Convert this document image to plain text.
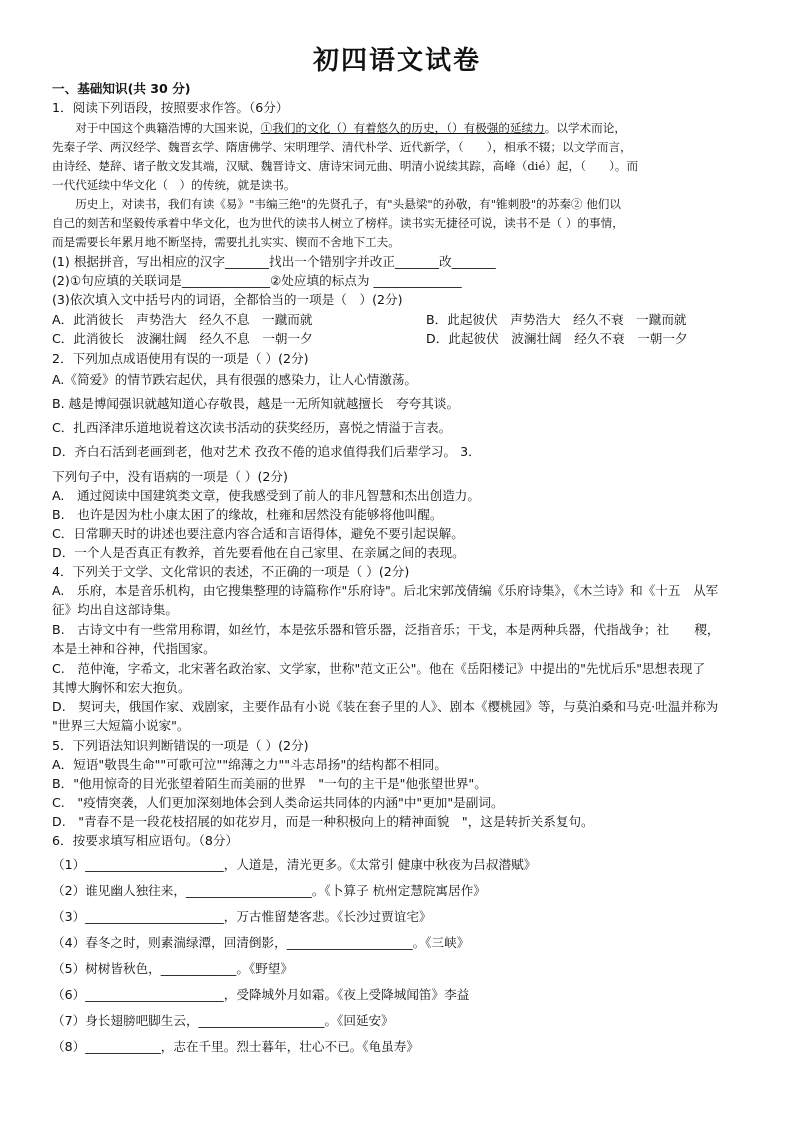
初四语文试卷
一、基础知识(共 30 分)
1．阅读下列语段，按照要求作答。（6分）
　　对于中国这个典籍浩博的大国来说，①我们的文化（）有着悠久的历史，（）有极强的延续力。以学术而论，
先秦子学、两汉经学、魏晋玄学、隋唐佛学、宋明理学、清代朴学、近代新学，（　　），相承不辍；以文学而言，
由诗经、楚辞、诸子散文发其端，汉赋、魏晋诗文、唐诗宋词元曲、明清小说续其踪，高峰（dié）起，（　　）。而
一代代延续中华文化（　）的传统，就是读书。
　　历史上，对读书，我们有读《易》"韦编三绝"的先贤孔子，有"头悬梁"的孙敬，有"锥刺股"的苏秦② 他们以
自己的刻苦和坚毅传承着中华文化，也为世代的读书人树立了榜样。读书实无捷径可说，读书不是（ ）的事情，
而是需要长年累月地不断坚持，需要扎扎实实、锲而不舍地下工夫。
(1) 根据拼音，写出相应的汉字_______找出一个错别字并改正_______改_______
(2)①句应填的关联词是______________②处应填的标点为 ______________
(3)依次填入文中括号内的词语，全都恰当的一项是（　）(2分)
A．此消彼长　声势浩大　经久不息　一蹴而就	B．此起彼伏　声势浩大　经久不衰　一蹴而就
C．此消彼长　波澜壮阔　经久不息　一朝一夕	D．此起彼伏　波澜壮阔　经久不衰　一朝一夕
2．下列加点成语使用有误的一项是（ ）(2分)
A.《简爱》的情节跌宕起伏，具有很强的感染力，让人心情激荡。
B. 越是博闻强识就越知道心存敬畏，越是一无所知就越擅长　夸夸其谈。
C．扎西泽津乐道地说着这次读书活动的获奖经历，喜悦之情溢于言表。
D．齐白石活到老画到老，他对艺术 孜孜不倦的追求值得我们后辈学习。 3．
下列句子中，没有语病的一项是（ ）(2分)
A.　通过阅读中国建筑类文章，使我感受到了前人的非凡智慧和杰出创造力。
B.　也许是因为杜小康太困了的缘故，杜雍和居然没有能够将他叫醒。
C．日常聊天时的讲述也要注意内容合适和言语得体，避免不要引起误解。
D．一个人是否真正有教养，首先要看他在自己家里、在亲属之间的表现。
4．下列关于文学、文化常识的表述，不正确的一项是（ ）(2分)
A.　乐府，本是音乐机构，由它搜集整理的诗篇称作"乐府诗"。后北宋郭茂倩编《乐府诗集》，《木兰诗》和《十五　从军
征》均出自这部诗集。
B.　古诗文中有一些常用称谓，如丝竹，本是弦乐器和管乐器，泛指音乐；干戈，本是两种兵器，代指战争；社　　稷，
本是土神和谷神，代指国家。
C.　范仲淹，字希文，北宋著名政治家、文学家，世称"范文正公"。他在《岳阳楼记》中提出的"先忧后乐"思想表现了
其博大胸怀和宏大抱负。
D.　契诃夫，俄国作家、戏剧家，主要作品有小说《装在套子里的人》、剧本《樱桃园》等，与莫泊桑和马克·吐温并称为
"世界三大短篇小说家"。
5．下列语法知识判断错误的一项是（ ）(2分)
A．短语"敬畏生命""可歌可泣""绵薄之力""斗志昂扬"的结构都不相同。
B．"他用惊奇的目光张望着陌生而美丽的世界　"一句的主干是"他张望世界"。
C.　"疫情突袭，人们更加深刻地体会到人类命运共同体的内涵"中"更加"是副词。
D.　"青春不是一段花枝招展的如花岁月，而是一种积极向上的精神面貌　"，这是转折关系复句。
6．按要求填写相应语句。（8分）
（1）______________________，人道是，清光更多。《太常引 健康中秋夜为吕叔潜赋》
（2）谁见幽人独往来，____________________。《卜算子 杭州定慧院寓居作》
（3）______________________，万古惟留楚客悲。《长沙过贾谊宅》
（4）春冬之时，则素湍绿潭，回清倒影，____________________。《三峡》
（5）树树皆秋色，____________。《野望》
（6）______________________，受降城外月如霜。《夜上受降城闻笛》李益
（7）身长翅膀吧脚生云，____________________。《回延安》
（8）____________，志在千里。烈士暮年，壮心不已。《龟虽寿》
